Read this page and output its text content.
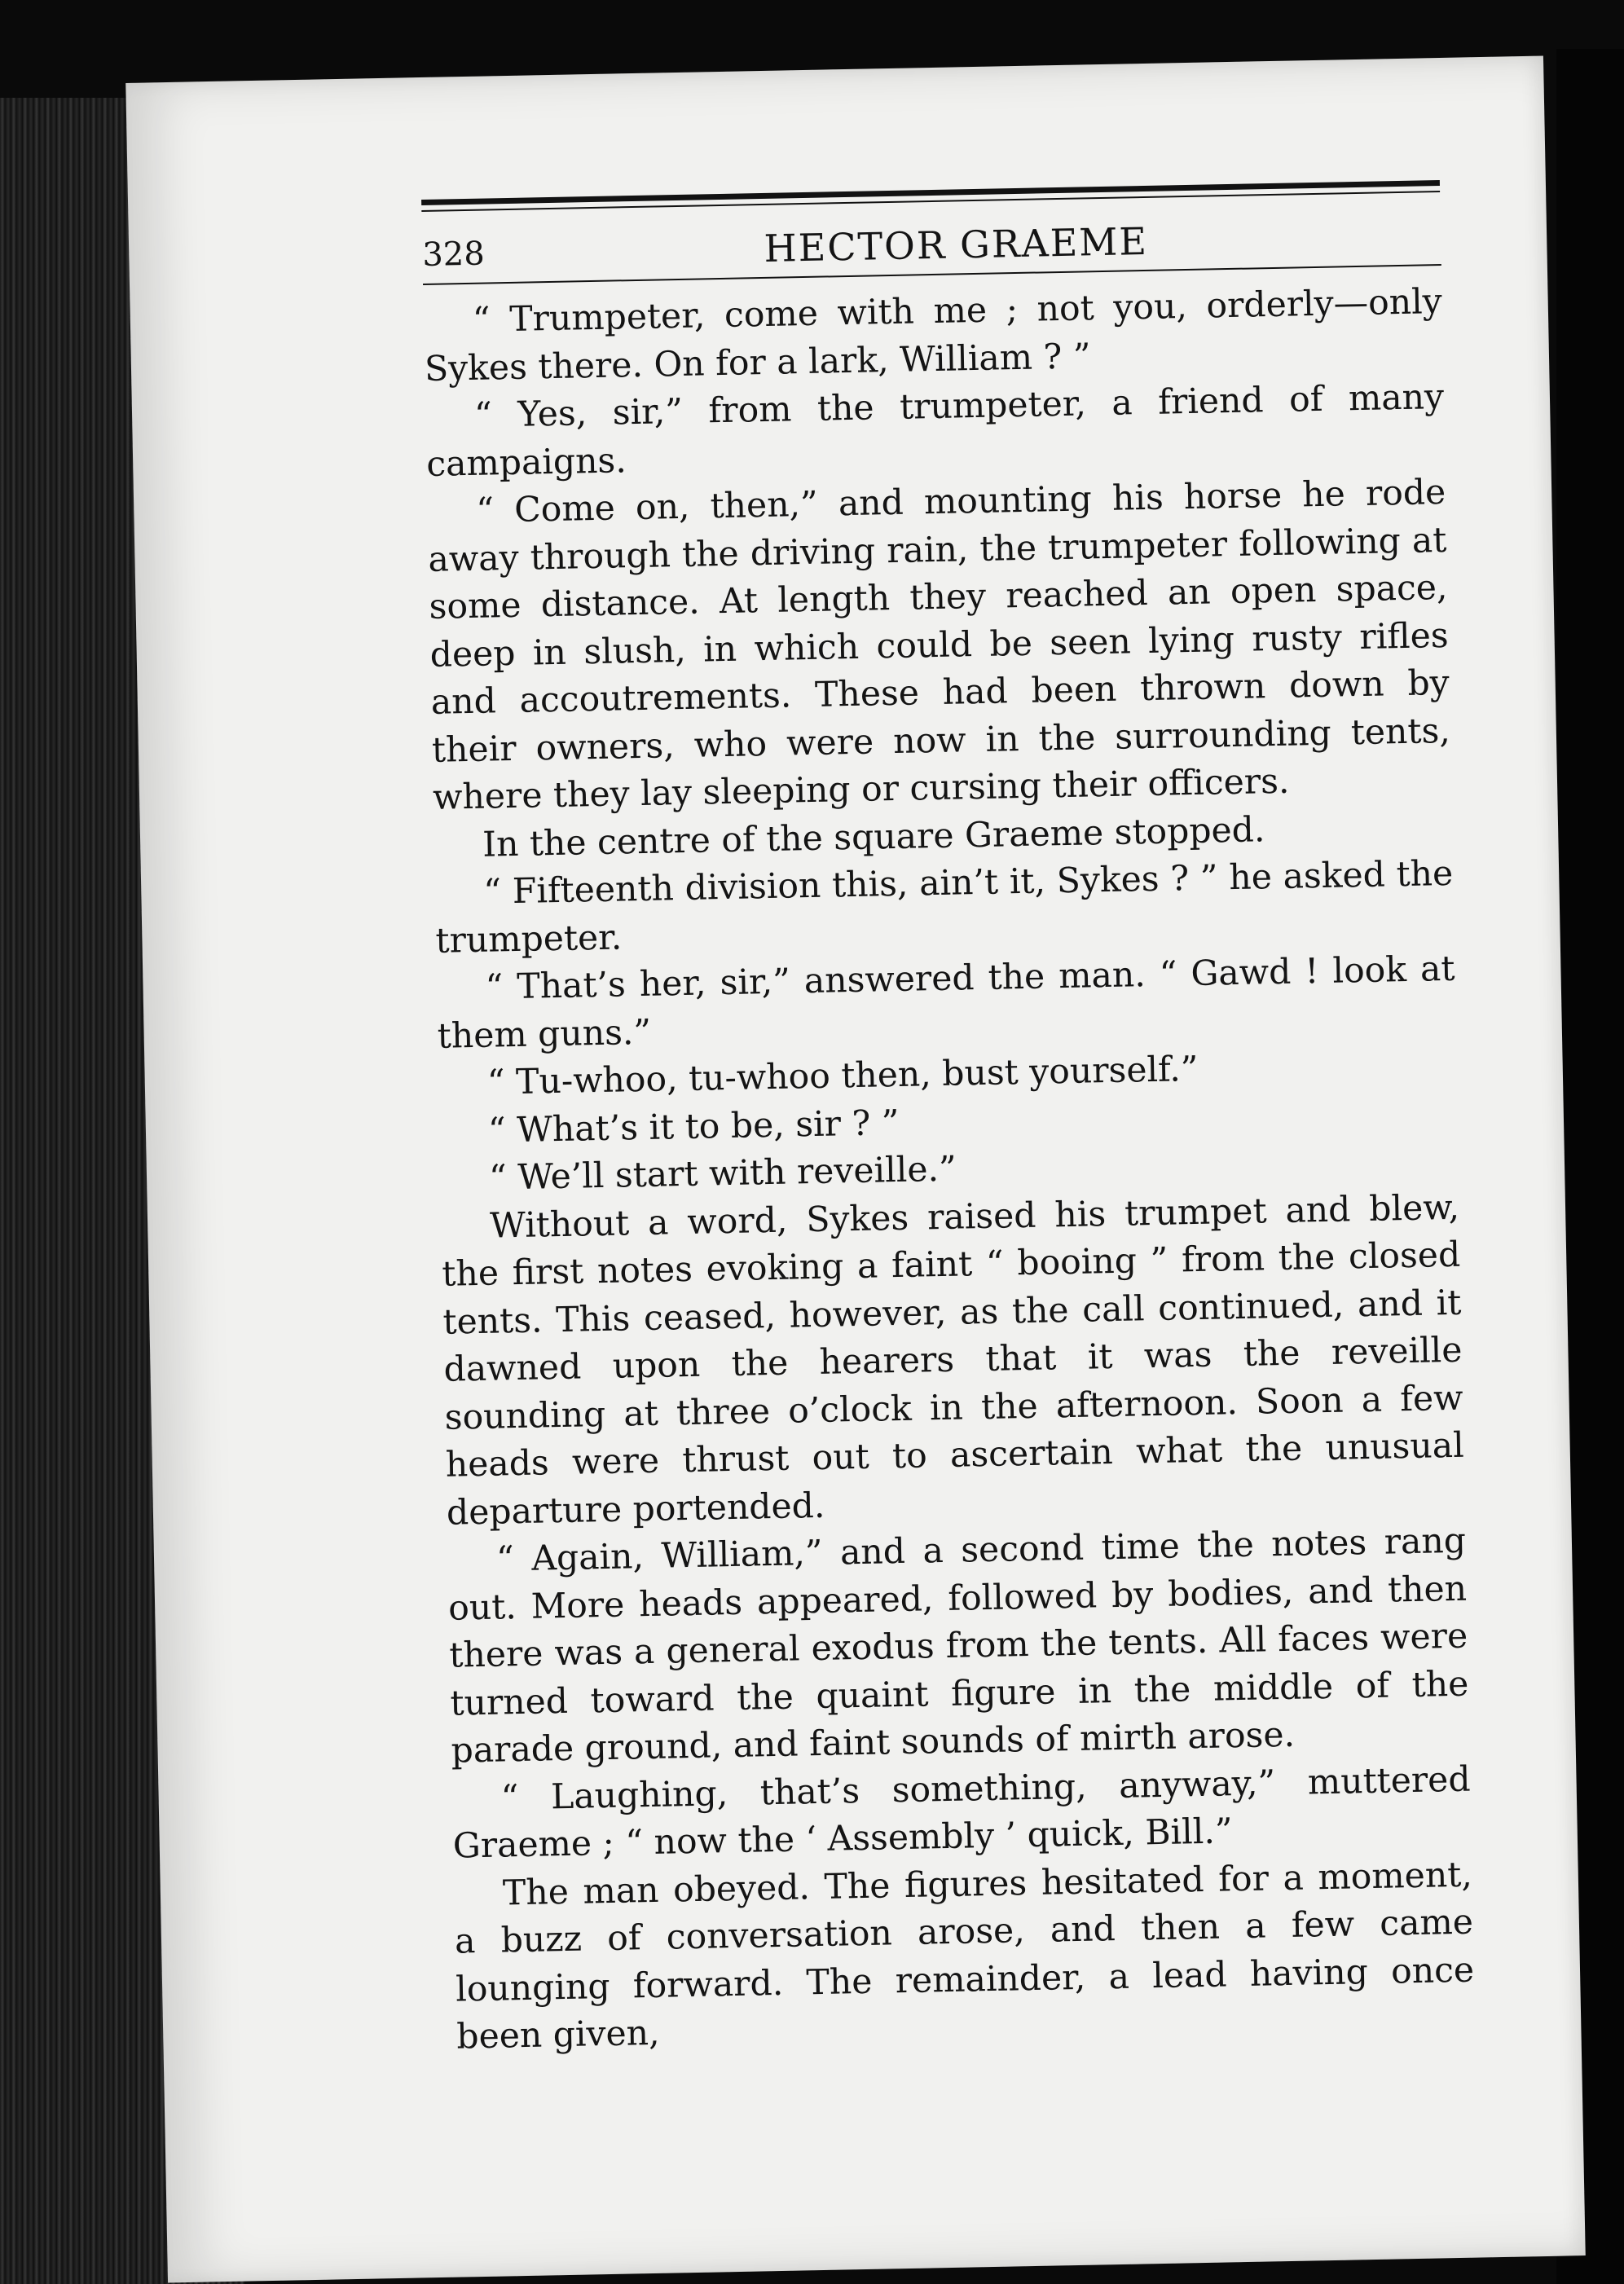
328	HECTOR GRAEME

“ Trumpeter, come with me ; not you, orderly—only Sykes there. On for a lark, William ? ”

“ Yes, sir,” from the trumpeter, a friend of many campaigns.

“ Come on, then,” and mounting his horse he rode away through the driving rain, the trumpeter following at some distance. At length they reached an open space, deep in slush, in which could be seen lying rusty rifles and accoutrements. These had been thrown down by their owners, who were now in the surrounding tents, where they lay sleeping or cursing their officers.

In the centre of the square Graeme stopped.

“ Fifteenth division this, ain’t it, Sykes ? ” he asked the trumpeter.

“ That’s her, sir,” answered the man. “ Gawd ! look at them guns.”

“ Tu-whoo, tu-whoo then, bust yourself.”

“ What’s it to be, sir ? ”

“ We’ll start with reveille.”

Without a word, Sykes raised his trumpet and blew, the first notes evoking a faint “ booing ” from the closed tents. This ceased, however, as the call continued, and it dawned upon the hearers that it was the reveille sounding at three o’clock in the afternoon. Soon a few heads were thrust out to ascertain what the unusual departure portended.

“ Again, William,” and a second time the notes rang out. More heads appeared, followed by bodies, and then there was a general exodus from the tents. All faces were turned toward the quaint figure in the middle of the parade ground, and faint sounds of mirth arose.

“ Laughing, that’s something, anyway,” muttered Graeme ; “ now the ‘ Assembly ’ quick, Bill.”

The man obeyed. The figures hesitated for a moment, a buzz of conversation arose, and then a few came lounging forward. The remainder, a lead having once been given,
